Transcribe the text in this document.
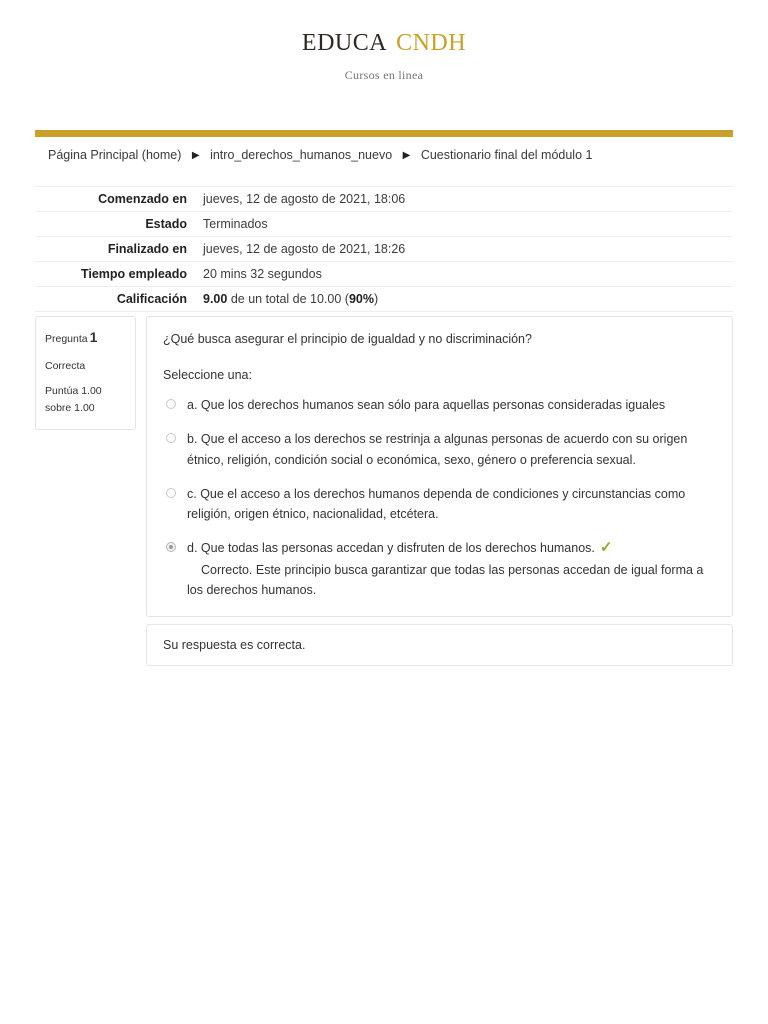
EDUCA CNDH
Cursos en linea
Página Principal (home) ▶ intro_derechos_humanos_nuevo ▶ Cuestionario final del módulo 1
Comenzado en	jueves, 12 de agosto de 2021, 18:06
Estado	Terminados
Finalizado en	jueves, 12 de agosto de 2021, 18:26
Tiempo empleado	20 mins 32 segundos
Calificación	9.00 de un total de 10.00 (90%)
Pregunta 1
Correcta
Puntúa 1.00 sobre 1.00
¿Qué busca asegurar el principio de igualdad y no discriminación?
Seleccione una:
a. Que los derechos humanos sean sólo para aquellas personas consideradas iguales
b. Que el acceso a los derechos se restrinja a algunas personas de acuerdo con su origen étnico, religión, condición social o económica, sexo, género o preferencia sexual.
c. Que el acceso a los derechos humanos dependa de condiciones y circunstancias como religión, origen étnico, nacionalidad, etcétera.
d. Que todas las personas accedan y disfruten de los derechos humanos. ✓
Correcto. Este principio busca garantizar que todas las personas accedan de igual forma a los derechos humanos.
Su respuesta es correcta.
